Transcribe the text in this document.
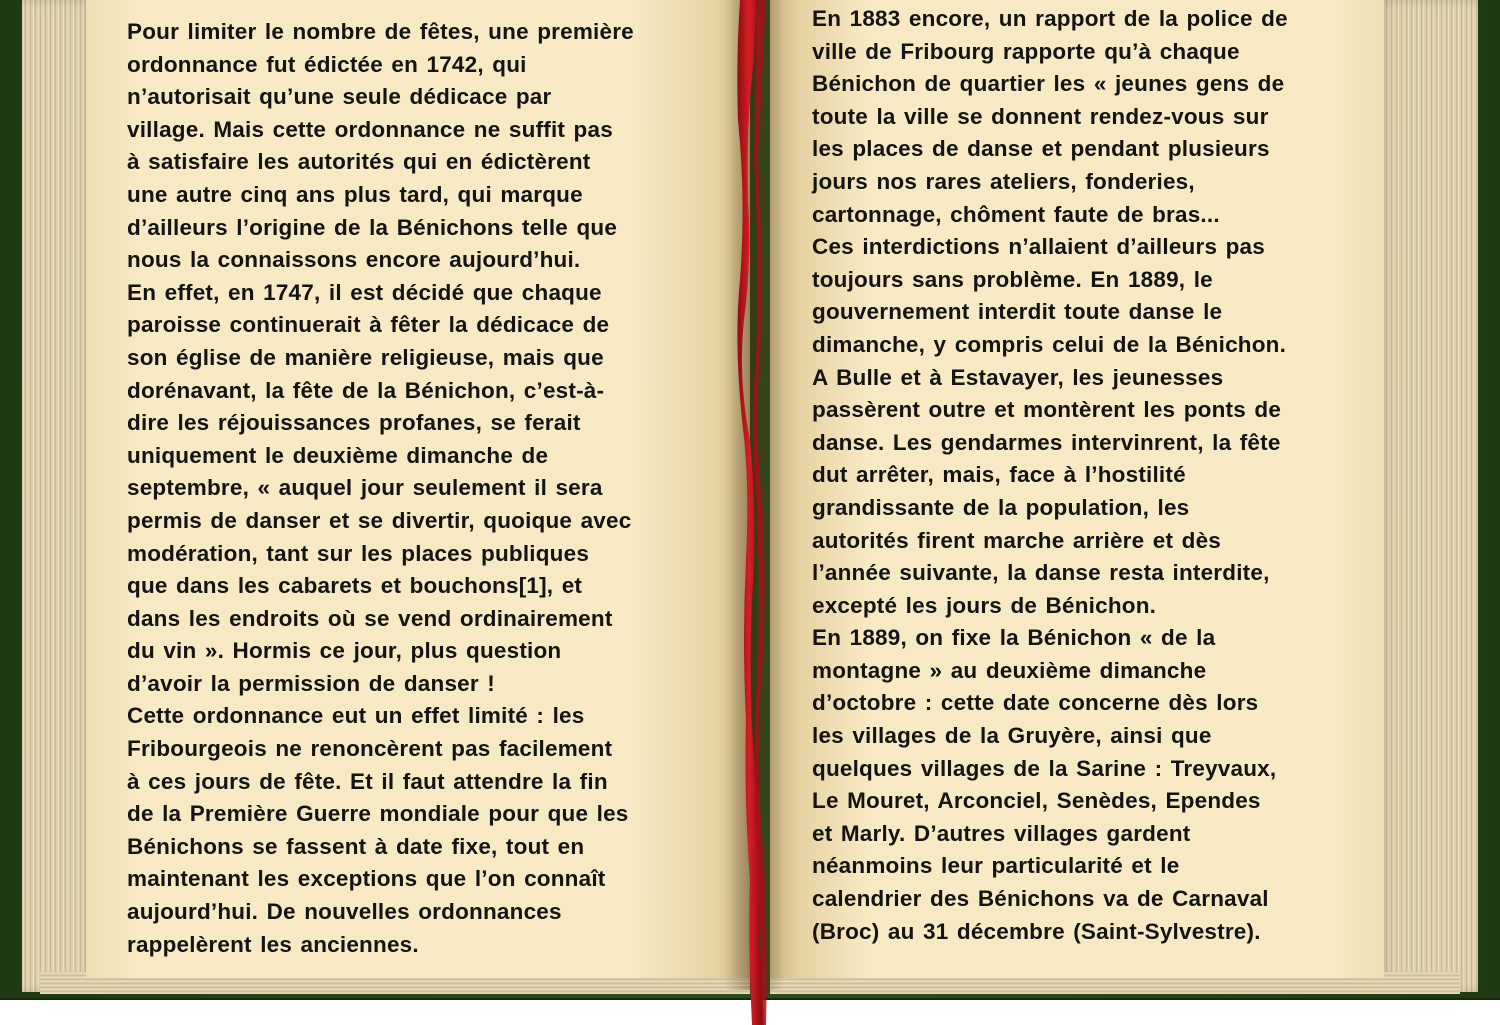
Pour limiter le nombre de fêtes, une première
ordonnance fut édictée en 1742, qui
n’autorisait qu’une seule dédicace par
village. Mais cette ordonnance ne suffit pas
à satisfaire les autorités qui en édictèrent
une autre cinq ans plus tard, qui marque
d’ailleurs l’origine de la Bénichons telle que
nous la connaissons encore aujourd’hui.
En effet, en 1747, il est décidé que chaque
paroisse continuerait à fêter la dédicace de
son église de manière religieuse, mais que
dorénavant, la fête de la Bénichon, c’est-à-
dire les réjouissances profanes, se ferait
uniquement le deuxième dimanche de
septembre, « auquel jour seulement il sera
permis de danser et se divertir, quoique avec
modération, tant sur les places publiques
que dans les cabarets et bouchons[1], et
dans les endroits où se vend ordinairement
du vin ». Hormis ce jour, plus question
d’avoir la permission de danser !
Cette ordonnance eut un effet limité : les
Fribourgeois ne renoncèrent pas facilement
à ces jours de fête. Et il faut attendre la fin
de la Première Guerre mondiale pour que les
Bénichons se fassent à date fixe, tout en
maintenant les exceptions que l’on connaît
aujourd’hui. De nouvelles ordonnances
rappelèrent les anciennes.
En 1883 encore, un rapport de la police de
ville de Fribourg rapporte qu’à chaque
Bénichon de quartier les « jeunes gens de
toute la ville se donnent rendez-vous sur
les places de danse et pendant plusieurs
jours nos rares ateliers, fonderies,
cartonnage, chôment faute de bras...
Ces interdictions n’allaient d’ailleurs pas
toujours sans problème. En 1889, le
gouvernement interdit toute danse le
dimanche, y compris celui de la Bénichon.
A Bulle et à Estavayer, les jeunesses
passèrent outre et montèrent les ponts de
danse. Les gendarmes intervinrent, la fête
dut arrêter, mais, face à l’hostilité
grandissante de la population, les
autorités firent marche arrière et dès
l’année suivante, la danse resta interdite,
excepté les jours de Bénichon.
En 1889, on fixe la Bénichon « de la
montagne » au deuxième dimanche
d’octobre : cette date concerne dès lors
les villages de la Gruyère, ainsi que
quelques villages de la Sarine : Treyvaux,
Le Mouret, Arconciel, Senèdes, Ependes
et Marly. D’autres villages gardent
néanmoins leur particularité et le
calendrier des Bénichons va de Carnaval
(Broc) au 31 décembre (Saint-Sylvestre).
